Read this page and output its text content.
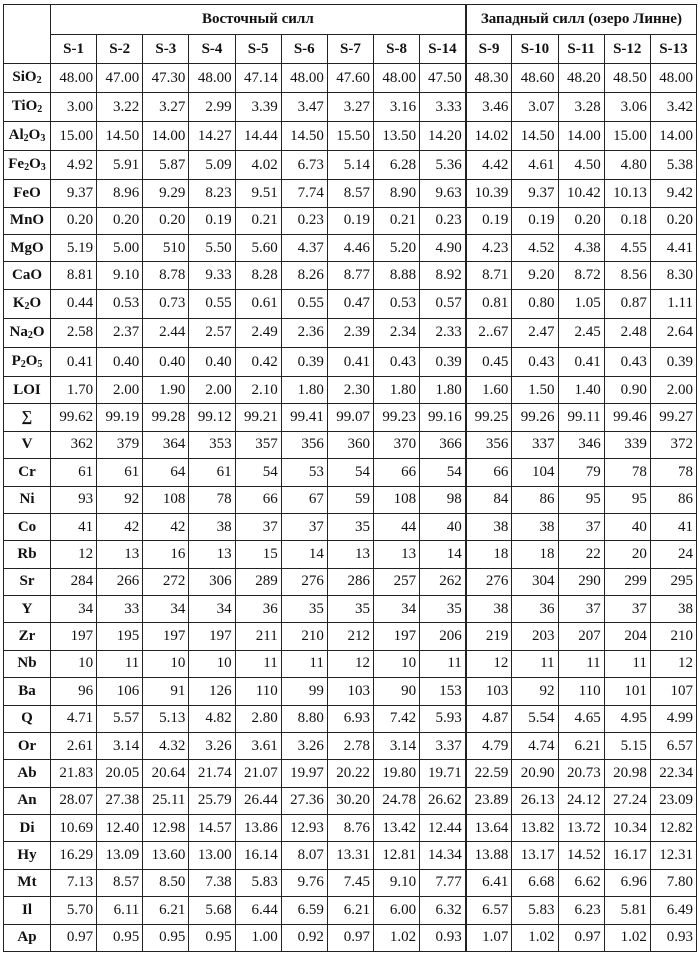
	Восточный силл									Западный силл (озеро Линне)				
	S-1	S-2	S-3	S-4	S-5	S-6	S-7	S-8	S-14	S-9	S-10	S-11	S-12	S-13
SiO$_2$	48.00	47.00	47.30	48.00	47.14	48.00	47.60	48.00	47.50	48.30	48.60	48.20	48.50	48.00
TiO$_2$	3.00	3.22	3.27	2.99	3.39	3.47	3.27	3.16	3.33	3.46	3.07	3.28	3.06	3.42
$Al_2O_3$	15.00	14.50	14.00	14.27	14.44	14.50	15.50	13.50	14.20	14.02	14.50	14.00	15.00	14.00
$Fe_2O_3$	4.92	5.91	5.87	5.09	4.02	6.73	5.14	6.28	5.36	4.42	4.61	4.50	4.80	5.38
FeO	9.37	8.96	9.29	8.23	9.51	7.74	8.57	8.90	9.63	10.39	9.37	10.42	10.13	9.42
MnO	0.20	0.20	0.20	0.19	0.21	0.23	0.19	0.21	0.23	0.19	0.19	0.20	0.18	0.20
MgO	5.19	5.00	510	5.50	5.60	4.37	4.46	5.20	4.90	4.23	4.52	4.38	4.55	4.41
CaO	8.81	9.10	8.78	9.33	8.28	8.26	8.77	8.88	8.92	8.71	9.20	8.72	8.56	8.30
$K_2O$	0.44	0.53	0.73	0.55	0.61	0.55	0.47	0.53	0.57	0.81	0.80	1.05	0.87	1.11
$Na_2O$	2.58	2.37	2.44	2.57	2.49	2.36	2.39	2.34	2.33	2..67	2.47	2.45	2.48	2.64
$P_2O_5$	0.41	0.40	0.40	0.40	0.42	0.39	0.41	0.43	0.39	0.45	0.43	0.41	0.43	0.39
LOI	1.70	2.00	1.90	2.00	2.10	1.80	2.30	1.80	1.80	1.60	1.50	1.40	0.90	2.00
∑	99.62	99.19	99.28	99.12	99.21	99.41	99.07	99.23	99.16	99.25	99.26	99.11	99.46	99.27
V	362	379	364	353	357	356	360	370	366	356	337	346	339	372
Cr	61	61	64	61	54	53	54	66	54	66	104	79	78	78
Ni	93	92	108	78	66	67	59	108	98	84	86	95	95	86
Co	41	42	42	38	37	37	35	44	40	38	38	37	40	41
Rb	12	13	16	13	15	14	13	13	14	18	18	22	20	24
Sr	284	266	272	306	289	276	286	257	262	276	304	290	299	295
Y	34	33	34	34	36	35	35	34	35	38	36	37	37	38
Zr	197	195	197	197	211	210	212	197	206	219	203	207	204	210
Nb	10	11	10	10	11	11	12	10	11	12	11	11	11	12
Ba	96	106	91	126	110	99	103	90	153	103	92	110	101	107
Q	4.71	5.57	5.13	4.82	2.80	8.80	6.93	7.42	5.93	4.87	5.54	4.65	4.95	4.99
Or	2.61	3.14	4.32	3.26	3.61	3.26	2.78	3.14	3.37	4.79	4.74	6.21	5.15	6.57
Ab	21.83	20.05	20.64	21.74	21.07	19.97	20.22	19.80	19.71	22.59	20.90	20.73	20.98	22.34
An	28.07	27.38	25.11	25.79	26.44	27.36	30.20	24.78	26.62	23.89	26.13	24.12	27.24	23.09
Di	10.69	12.40	12.98	14.57	13.86	12.93	8.76	13.42	12.44	13.64	13.82	13.72	10.34	12.82
Hy	16.29	13.09	13.60	13.00	16.14	8.07	13.31	12.81	14.34	13.88	13.17	14.52	16.17	12.31
Mt	7.13	8.57	8.50	7.38	5.83	9.76	7.45	9.10	7.77	6.41	6.68	6.62	6.96	7.80
Il	5.70	6.11	6.21	5.68	6.44	6.59	6.21	6.00	6.32	6.57	5.83	6.23	5.81	6.49
Ap	0.97	0.95	0.95	0.95	1.00	0.92	0.97	1.02	0.93	1.07	1.02	0.97	1.02	0.93
